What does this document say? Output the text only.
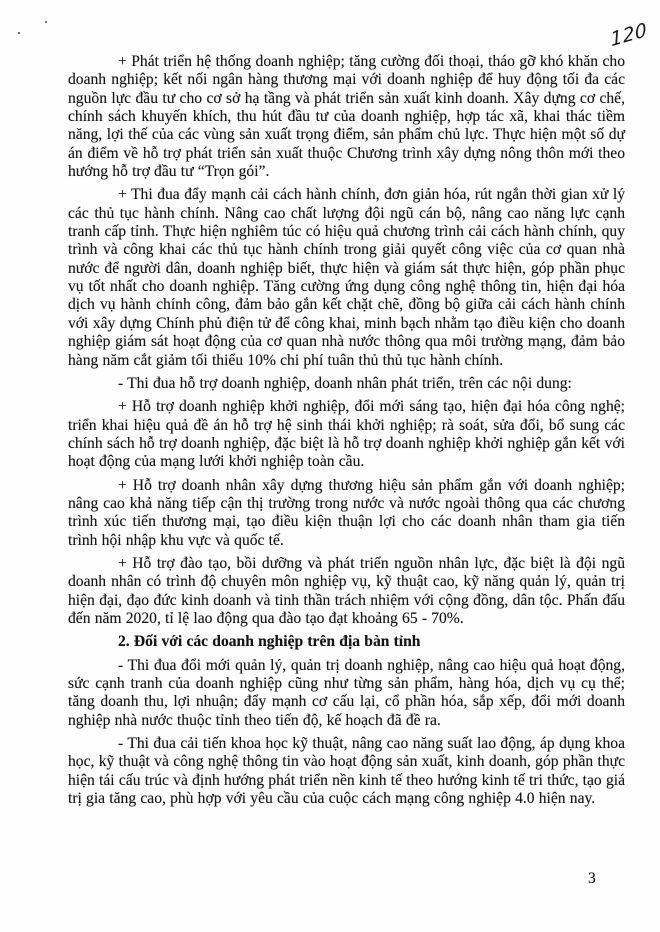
120

+ Phát triển hệ thống doanh nghiệp; tăng cường đối thoại, tháo gỡ khó khăn cho doanh nghiệp; kết nối ngân hàng thương mại với doanh nghiệp để huy động tối đa các nguồn lực đầu tư cho cơ sở hạ tầng và phát triển sản xuất kinh doanh. Xây dựng cơ chế, chính sách khuyến khích, thu hút đầu tư của doanh nghiệp, hợp tác xã, khai thác tiềm năng, lợi thế của các vùng sản xuất trọng điểm, sản phẩm chủ lực. Thực hiện một số dự án điểm về hỗ trợ phát triển sản xuất thuộc Chương trình xây dựng nông thôn mới theo hướng hỗ trợ đầu tư “Trọn gói”.

+ Thi đua đẩy mạnh cải cách hành chính, đơn giản hóa, rút ngắn thời gian xử lý các thủ tục hành chính. Nâng cao chất lượng đội ngũ cán bộ, nâng cao năng lực cạnh tranh cấp tỉnh. Thực hiện nghiêm túc có hiệu quả chương trình cải cách hành chính, quy trình và công khai các thủ tục hành chính trong giải quyết công việc của cơ quan nhà nước để người dân, doanh nghiệp biết, thực hiện và giám sát thực hiện, góp phần phục vụ tốt nhất cho doanh nghiệp. Tăng cường ứng dụng công nghệ thông tin, hiện đại hóa dịch vụ hành chính công, đảm bảo gắn kết chặt chẽ, đồng bộ giữa cải cách hành chính với xây dựng Chính phủ điện tử để công khai, minh bạch nhằm tạo điều kiện cho doanh nghiệp giám sát hoạt động của cơ quan nhà nước thông qua môi trường mạng, đảm bảo hàng năm cắt giảm tối thiểu 10% chi phí tuân thủ thủ tục hành chính.

- Thi đua hỗ trợ doanh nghiệp, doanh nhân phát triển, trên các nội dung:

+ Hỗ trợ doanh nghiệp khởi nghiệp, đổi mới sáng tạo, hiện đại hóa công nghệ; triển khai hiệu quả đề án hỗ trợ hệ sinh thái khởi nghiệp; rà soát, sửa đổi, bổ sung các chính sách hỗ trợ doanh nghiệp, đặc biệt là hỗ trợ doanh nghiệp khởi nghiệp gắn kết với hoạt động của mạng lưới khởi nghiệp toàn cầu.

+ Hỗ trợ doanh nhân xây dựng thương hiệu sản phẩm gắn với doanh nghiệp; nâng cao khả năng tiếp cận thị trường trong nước và nước ngoài thông qua các chương trình xúc tiến thương mại, tạo điều kiện thuận lợi cho các doanh nhân tham gia tiến trình hội nhập khu vực và quốc tế.

+ Hỗ trợ đào tạo, bồi dưỡng và phát triển nguồn nhân lực, đặc biệt là đội ngũ doanh nhân có trình độ chuyên môn nghiệp vụ, kỹ thuật cao, kỹ năng quản lý, quản trị hiện đại, đạo đức kinh doanh và tinh thần trách nhiệm với cộng đồng, dân tộc. Phấn đấu đến năm 2020, tỉ lệ lao động qua đào tạo đạt khoảng 65 - 70%.

2. Đối với các doanh nghiệp trên địa bàn tỉnh

- Thi đua đổi mới quản lý, quản trị doanh nghiệp, nâng cao hiệu quả hoạt động, sức cạnh tranh của doanh nghiệp cũng như từng sản phẩm, hàng hóa, dịch vụ cụ thể; tăng doanh thu, lợi nhuận; đẩy mạnh cơ cấu lại, cổ phần hóa, sắp xếp, đổi mới doanh nghiệp nhà nước thuộc tỉnh theo tiến độ, kế hoạch đã đề ra.

- Thi đua cải tiến khoa học kỹ thuật, nâng cao năng suất lao động, áp dụng khoa học, kỹ thuật và công nghệ thông tin vào hoạt động sản xuất, kinh doanh, góp phần thực hiện tái cấu trúc và định hướng phát triển nền kinh tế theo hướng kinh tế tri thức, tạo giá trị gia tăng cao, phù hợp với yêu cầu của cuộc cách mạng công nghiệp 4.0 hiện nay.

3
